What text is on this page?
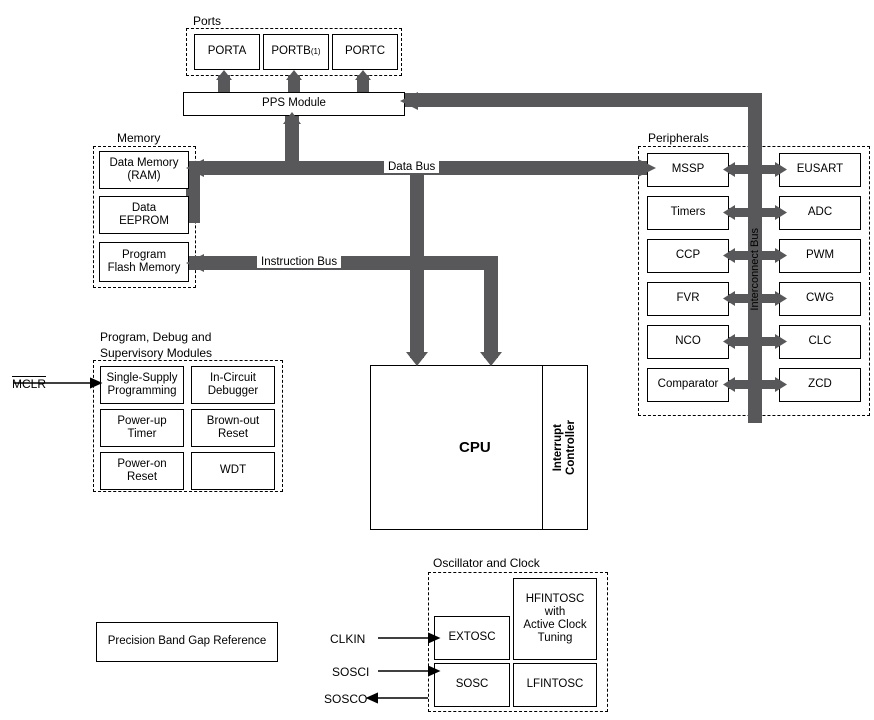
Ports
Memory	Peripherals
Program, Debug and
Supervisory Modules
Oscillator and Clock
PORTA PORTB (1) PORTC
PPS Module
Data Memory
(RAM)
Data
EEPROM
Program
Flash Memory
Data Bus
Instruction Bus	Interconnect Bus
MSSP
Timers
CCP
FVR
NCO
Comparator
EUSART
ADC
PWM
CWG
CLC
ZCD
Single-Supply
Programming
In-Circuit
Debugger
Power-up
Timer
Brown-out
Reset
Power-on
Reset
WDT
MCLR
CPU	Interrupt Controller
EXTOSC
SOSC
HFINTOSC
with
Active Clock
Tuning
LFINTOSC
CLKIN
SOSCI
SOSCO
Precision Band Gap Reference
